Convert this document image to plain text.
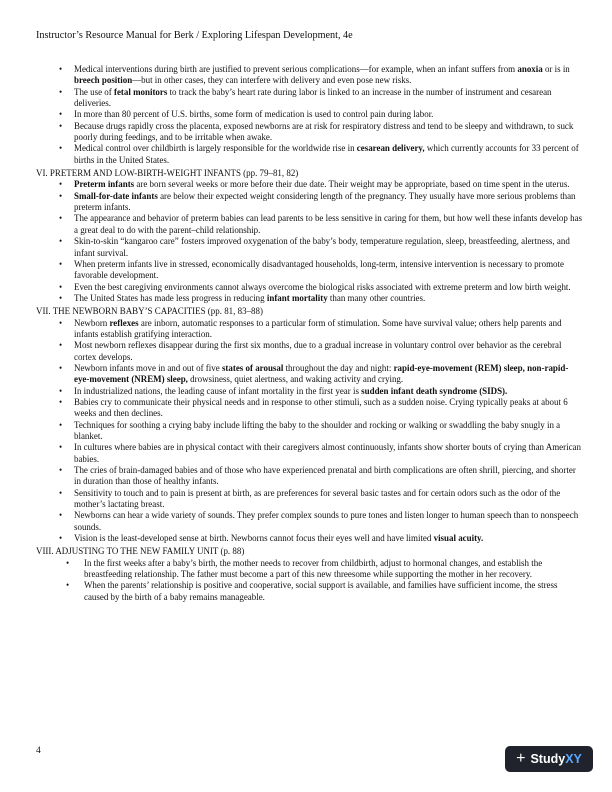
Instructor’s Resource Manual for Berk / Exploring Lifespan Development, 4e
• Medical interventions during birth are justified to prevent serious complications—for example, when an infant suffers from anoxia or is in breech position—but in other cases, they can interfere with delivery and even pose new risks.
• The use of fetal monitors to track the baby’s heart rate during labor is linked to an increase in the number of instrument and cesarean deliveries.
• In more than 80 percent of U.S. births, some form of medication is used to control pain during labor.
• Because drugs rapidly cross the placenta, exposed newborns are at risk for respiratory distress and tend to be sleepy and withdrawn, to suck poorly during feedings, and to be irritable when awake.
• Medical control over childbirth is largely responsible for the worldwide rise in cesarean delivery, which currently accounts for 33 percent of births in the United States.
VI. PRETERM AND LOW-BIRTH-WEIGHT INFANTS (pp. 79–81, 82)
• Preterm infants are born several weeks or more before their due date. Their weight may be appropriate, based on time spent in the uterus.
• Small-for-date infants are below their expected weight considering length of the pregnancy. They usually have more serious problems than preterm infants.
• The appearance and behavior of preterm babies can lead parents to be less sensitive in caring for them, but how well these infants develop has a great deal to do with the parent–child relationship.
• Skin-to-skin “kangaroo care” fosters improved oxygenation of the baby’s body, temperature regulation, sleep, breastfeeding, alertness, and infant survival.
• When preterm infants live in stressed, economically disadvantaged households, long-term, intensive intervention is necessary to promote favorable development.
• Even the best caregiving environments cannot always overcome the biological risks associated with extreme preterm and low birth weight.
• The United States has made less progress in reducing infant mortality than many other countries.
VII. THE NEWBORN BABY’S CAPACITIES (pp. 81, 83–88)
• Newborn reflexes are inborn, automatic responses to a particular form of stimulation. Some have survival value; others help parents and infants establish gratifying interaction.
• Most newborn reflexes disappear during the first six months, due to a gradual increase in voluntary control over behavior as the cerebral cortex develops.
• Newborn infants move in and out of five states of arousal throughout the day and night: rapid-eye-movement (REM) sleep, non-rapid-eye-movement (NREM) sleep, drowsiness, quiet alertness, and waking activity and crying.
• In industrialized nations, the leading cause of infant mortality in the first year is sudden infant death syndrome (SIDS).
• Babies cry to communicate their physical needs and in response to other stimuli, such as a sudden noise. Crying typically peaks at about 6 weeks and then declines.
• Techniques for soothing a crying baby include lifting the baby to the shoulder and rocking or walking or swaddling the baby snugly in a blanket.
• In cultures where babies are in physical contact with their caregivers almost continuously, infants show shorter bouts of crying than American babies.
• The cries of brain-damaged babies and of those who have experienced prenatal and birth complications are often shrill, piercing, and shorter in duration than those of healthy infants.
• Sensitivity to touch and to pain is present at birth, as are preferences for several basic tastes and for certain odors such as the odor of the mother’s lactating breast.
• Newborns can hear a wide variety of sounds. They prefer complex sounds to pure tones and listen longer to human speech than to nonspeech sounds.
• Vision is the least-developed sense at birth. Newborns cannot focus their eyes well and have limited visual acuity.
VIII. ADJUSTING TO THE NEW FAMILY UNIT (p. 88)
• In the first weeks after a baby’s birth, the mother needs to recover from childbirth, adjust to hormonal changes, and establish the breastfeeding relationship. The father must become a part of this new threesome while supporting the mother in her recovery.
• When the parents’ relationship is positive and cooperative, social support is available, and families have sufficient income, the stress caused by the birth of a baby remains manageable.
4	+ Study XY
